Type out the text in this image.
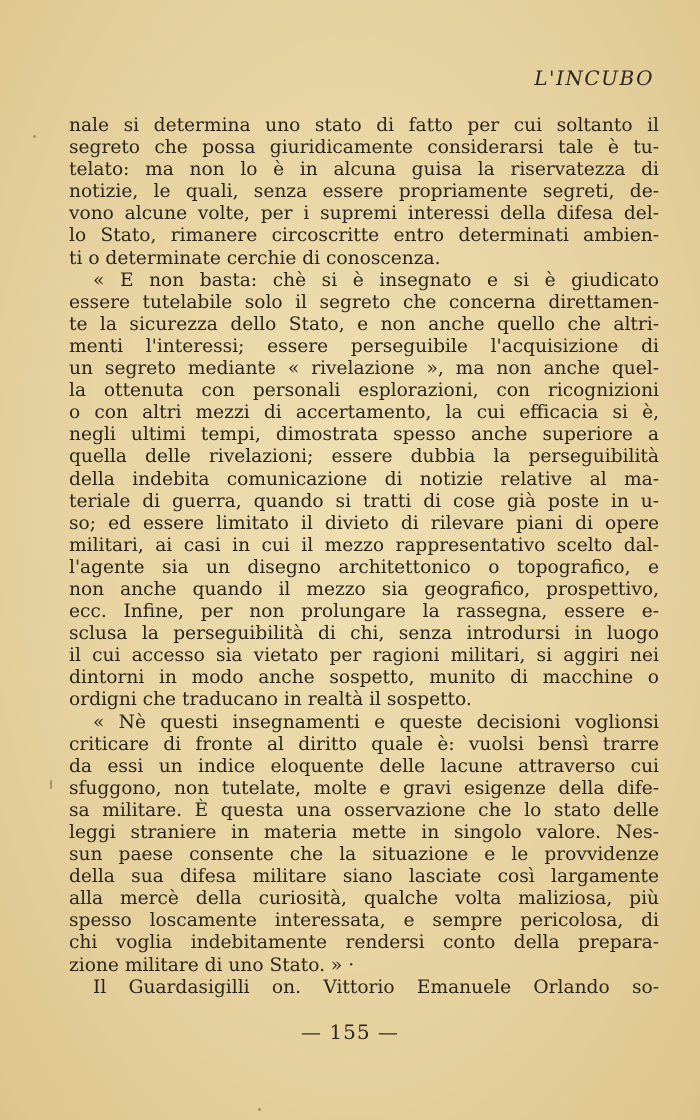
L'INCUBO
nale si determina uno stato di fatto per cui soltanto il
segreto che possa giuridicamente considerarsi tale è tu-
telato: ma non lo è in alcuna guisa la riservatezza di
notizie, le quali, senza essere propriamente segreti, de-
vono alcune volte, per i supremi interessi della difesa del-
lo Stato, rimanere circoscritte entro determinati ambien-
ti o determinate cerchie di conoscenza.
« E non basta: chè si è insegnato e si è giudicato
essere tutelabile solo il segreto che concerna direttamen-
te la sicurezza dello Stato, e non anche quello che altri-
menti l'interessi; essere perseguibile l'acquisizione di
un segreto mediante « rivelazione », ma non anche quel-
la ottenuta con personali esplorazioni, con ricognizioni
o con altri mezzi di accertamento, la cui efficacia si è,
negli ultimi tempi, dimostrata spesso anche superiore a
quella delle rivelazioni; essere dubbia la perseguibilità
della indebita comunicazione di notizie relative al ma-
teriale di guerra, quando si tratti di cose già poste in u-
so; ed essere limitato il divieto di rilevare piani di opere
militari, ai casi in cui il mezzo rappresentativo scelto dal-
l'agente sia un disegno architettonico o topografico, e
non anche quando il mezzo sia geografico, prospettivo,
ecc. Infine, per non prolungare la rassegna, essere e-
sclusa la perseguibilità di chi, senza introdursi in luogo
il cui accesso sia vietato per ragioni militari, si aggiri nei
dintorni in modo anche sospetto, munito di macchine o
ordigni che traducano in realtà il sospetto.
« Nè questi insegnamenti e queste decisioni voglionsi
criticare di fronte al diritto quale è: vuolsi bensì trarre
da essi un indice eloquente delle lacune attraverso cui
sfuggono, non tutelate, molte e gravi esigenze della dife-
sa militare. È questa una osservazione che lo stato delle
leggi straniere in materia mette in singolo valore. Nes-
sun paese consente che la situazione e le provvidenze
della sua difesa militare siano lasciate così largamente
alla mercè della curiosità, qualche volta maliziosa, più
spesso loscamente interessata, e sempre pericolosa, di
chi voglia indebitamente rendersi conto della prepara-
zione militare di uno Stato. » ·
Il Guardasigilli on. Vittorio Emanuele Orlando so-
— 155 —
